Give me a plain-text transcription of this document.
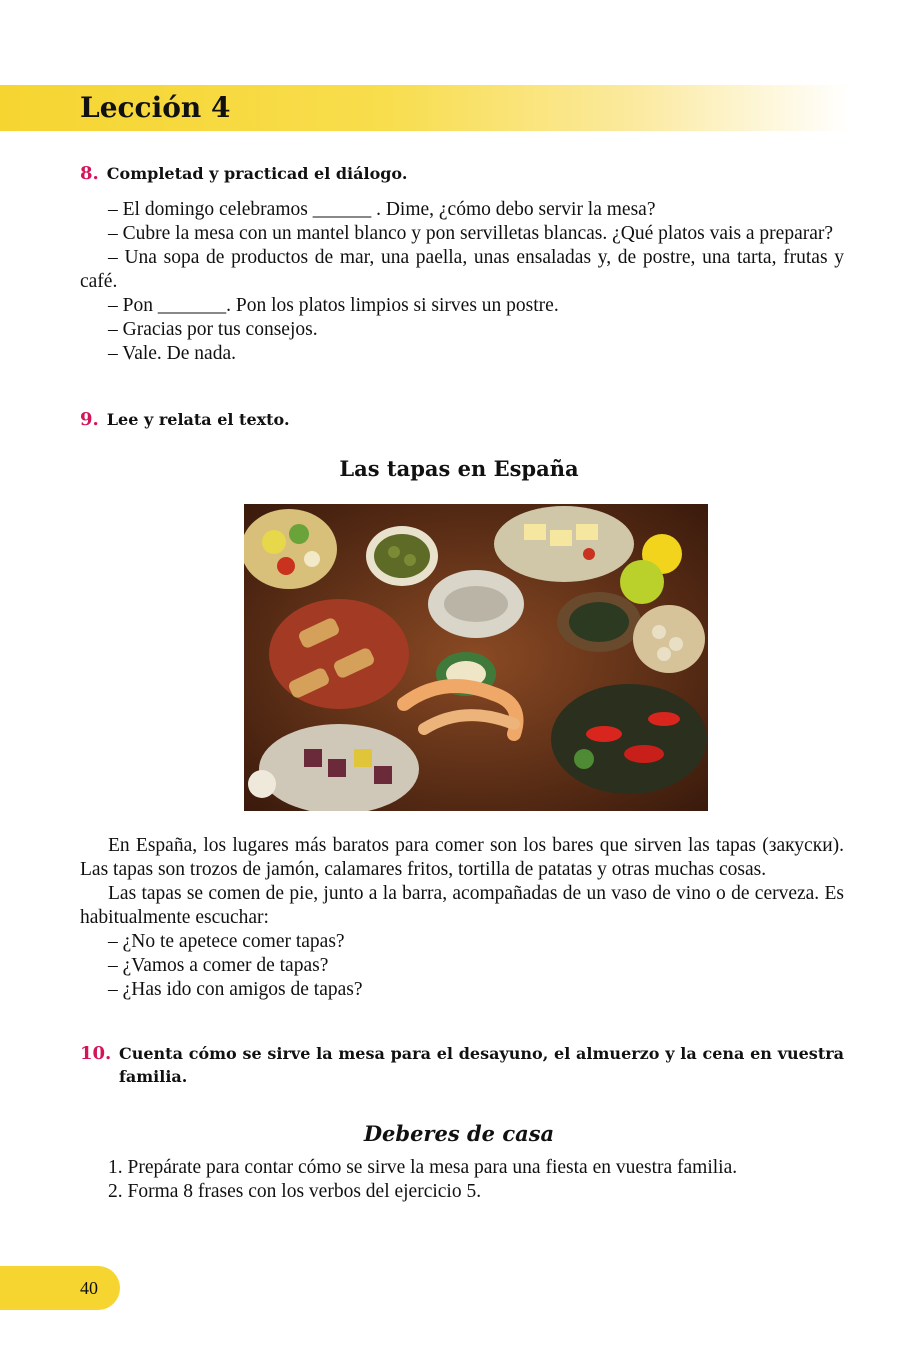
Lección 4
8. Completad y practicad el diálogo.

– El domingo celebramos ______ . Dime, ¿cómo debo servir la mesa?

– Cubre la mesa con un mantel blanco y pon servilletas blancas. ¿Qué platos vais a preparar?

– Una sopa de productos de mar, una paella, unas ensaladas y, de postre, una tarta, frutas y café.

– Pon _______. Pon los platos limpios si sirves un postre.

– Gracias por tus consejos.

– Vale. De nada.

9. Lee y relata el texto.
Las tapas en España

En España, los lugares más baratos para comer son los bares que sirven las tapas (закуски). Las tapas son trozos de jamón, calamares fritos, tortilla de patatas y otras muchas cosas.

Las tapas se comen de pie, junto a la barra, acompañadas de un vaso de vino o de cerveza. Es habitualmente escuchar:

– ¿No te apetece comer tapas?

– ¿Vamos a comer de tapas?

– ¿Has ido con amigos de tapas?

10. Cuenta cómo se sirve la mesa para el desayuno, el almuerzo y la cena en vuestra familia.
Deberes de casa

1. Prepárate para contar cómo se sirve la mesa para una fiesta en vuestra familia.

2. Forma 8 frases con los verbos del ejercicio 5.

40
